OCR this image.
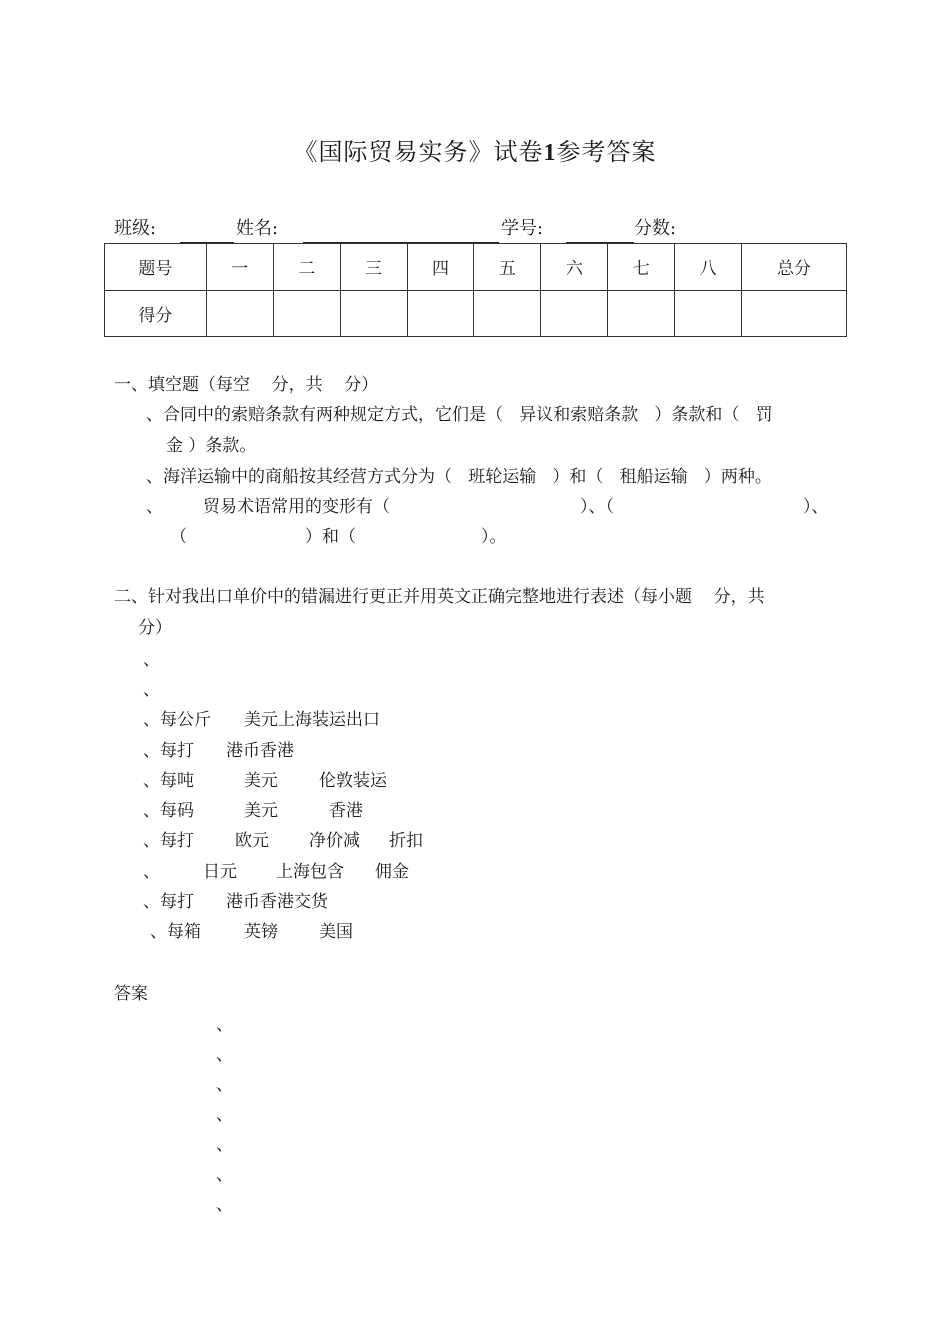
《国际贸易实务》试卷1参考答案
班级:	姓名:	学号:	分数:
题号	一	二	三	四	五	六	七	八	总分
得分									
一、填空题（每空    分，共    分）
、合同中的索赔条款有两种规定方式，它们是（   异议和索赔条款   ）条款和（   罚
金 ）条款。
、海洋运输中的商船按其经营方式分为（   班轮运输   ）和（   租船运输   ）两种。
、 贸易术语常用的变形有（	）、（	）、
（	）和（	）。
二、针对我出口单价中的错漏进行更正并用英文正确完整地进行表述（每小题    分，共
分）
、
、
、每公斤 美元上海装运出口
、每打 港币香港
、每吨	美元 伦敦装运
、每码	美元	香港
、每打 欧元 净价减 折扣
、	日元 上海包含 佣金
、每打 港币香港交货
、每箱	英镑 美国
答案
、
、
、
、
、
、
、
